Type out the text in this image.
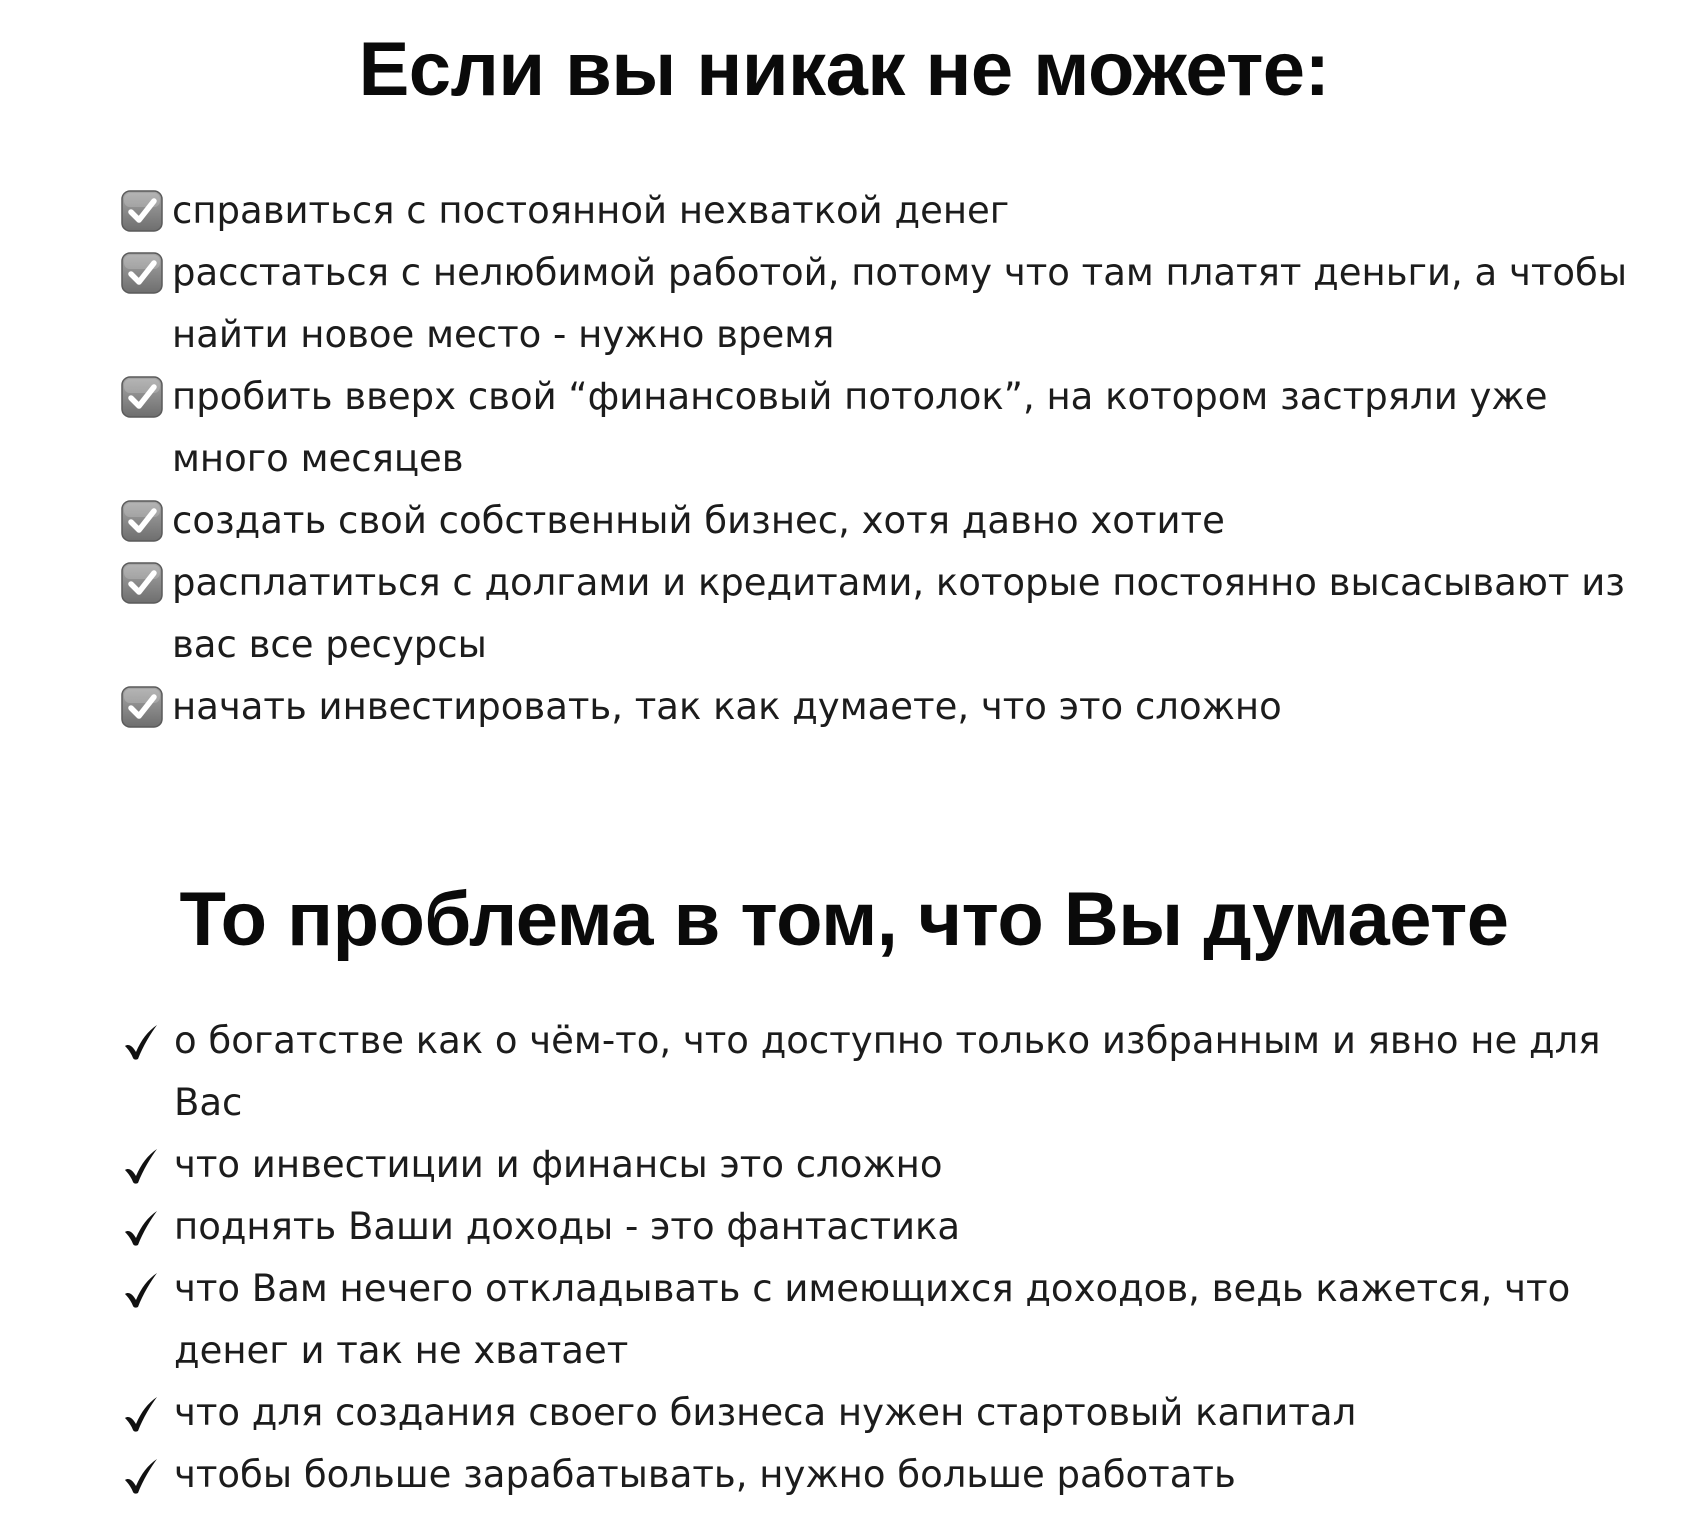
Если вы никак не можете:
справиться с постоянной нехваткой денег
расстаться с нелюбимой работой, потому что там платят деньги, а чтобы найти новое место - нужно время
пробить вверх свой “финансовый потолок”, на котором застряли уже много месяцев
создать свой собственный бизнес, хотя давно хотите
расплатиться с долгами и кредитами, которые постоянно высасывают из вас все ресурсы
начать инвестировать, так как думаете, что это сложно
То проблема в том, что Вы думаете
о богатстве как о чём-то, что доступно только избранным и явно не для Вас
что инвестиции и финансы это сложно
поднять Ваши доходы - это фантастика
что Вам нечего откладывать с имеющихся доходов, ведь кажется, что денег и так не хватает
что для создания своего бизнеса нужен стартовый капитал
чтобы больше зарабатывать, нужно больше работать
